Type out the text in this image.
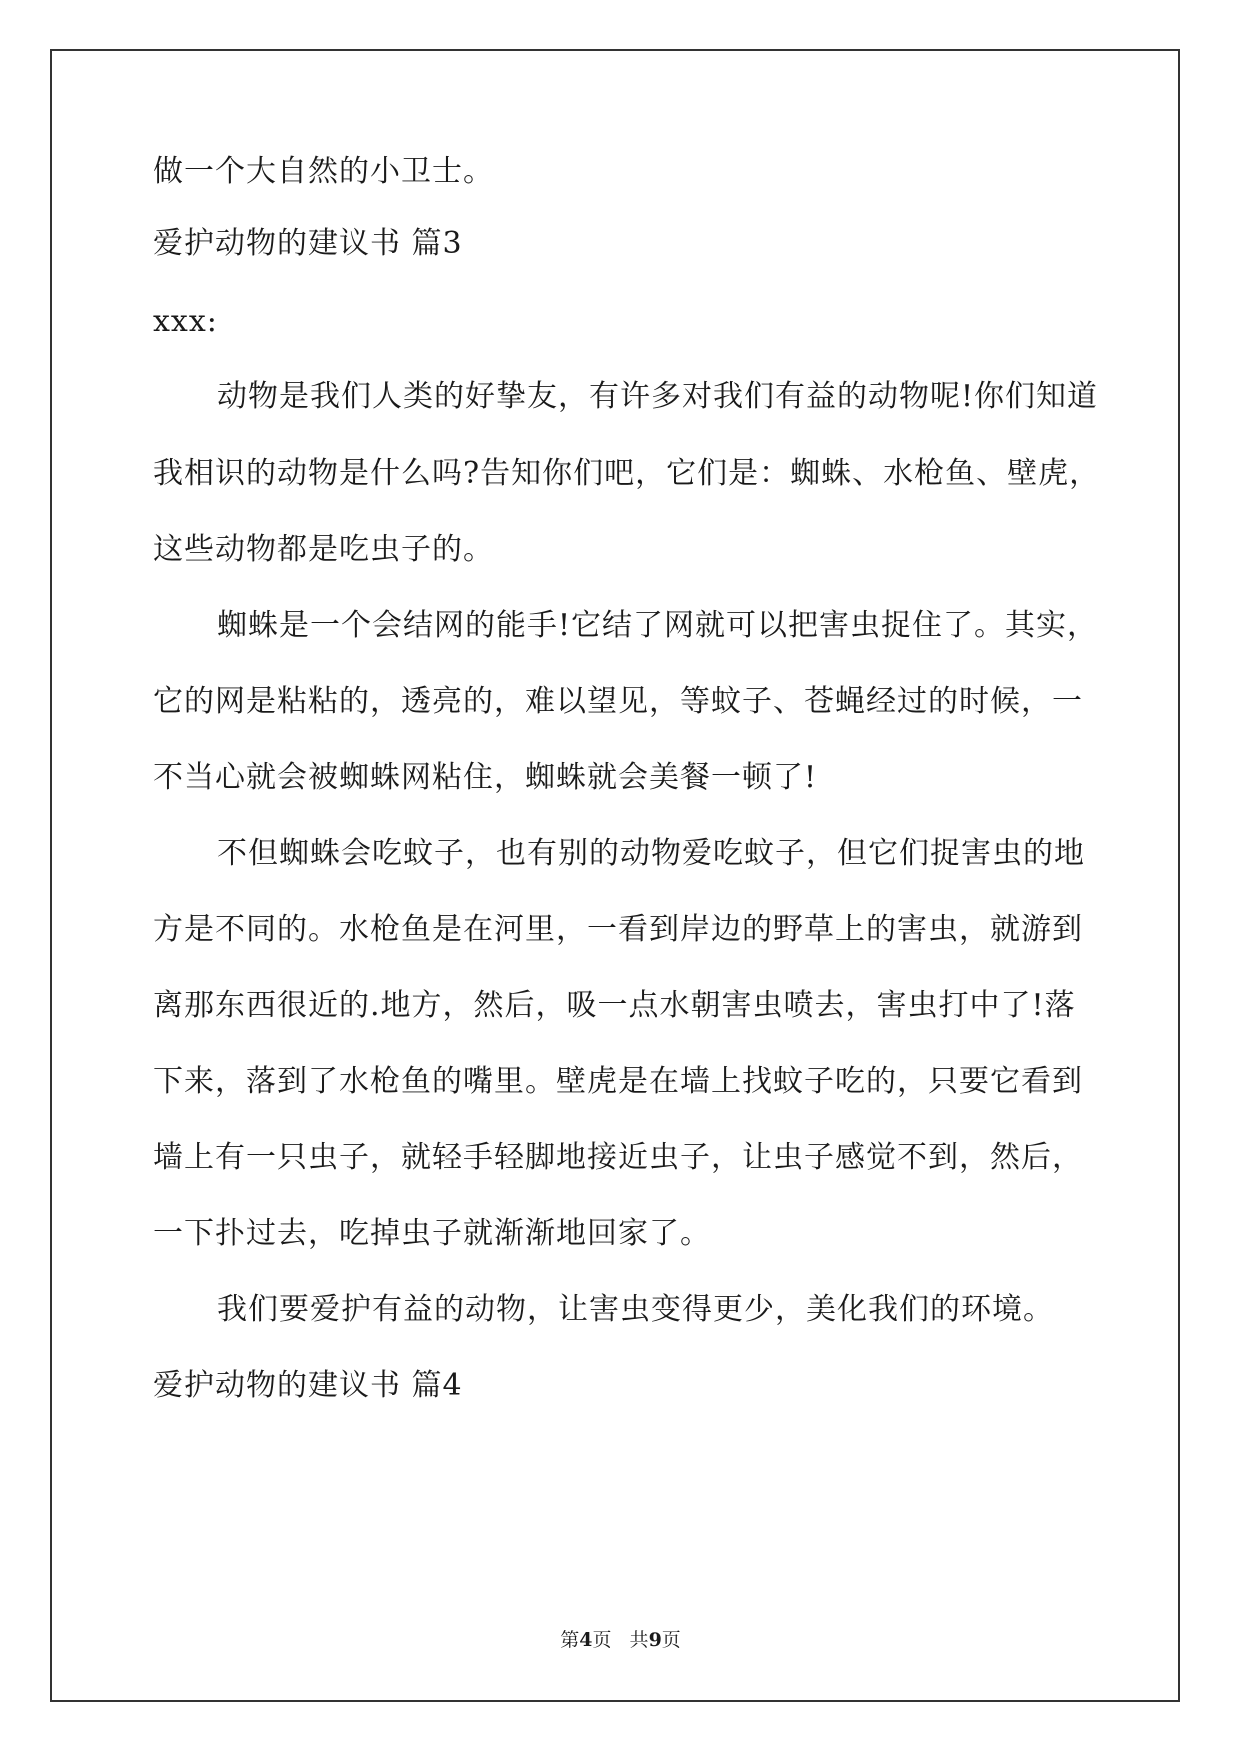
做一个大自然的小卫士。
爱护动物的建议书 篇3
xxx:
动物是我们人类的好挚友，有许多对我们有益的动物呢!你们知道
我相识的动物是什么吗?告知你们吧，它们是：蜘蛛、水枪鱼、壁虎，
这些动物都是吃虫子的。
蜘蛛是一个会结网的能手!它结了网就可以把害虫捉住了。其实，
它的网是粘粘的，透亮的，难以望见，等蚊子、苍蝇经过的时候，一
不当心就会被蜘蛛网粘住，蜘蛛就会美餐一顿了!
不但蜘蛛会吃蚊子，也有别的动物爱吃蚊子，但它们捉害虫的地
方是不同的。水枪鱼是在河里，一看到岸边的野草上的害虫，就游到
离那东西很近的.地方，然后，吸一点水朝害虫喷去，害虫打中了!落
下来，落到了水枪鱼的嘴里。壁虎是在墙上找蚊子吃的，只要它看到
墙上有一只虫子，就轻手轻脚地接近虫子，让虫子感觉不到，然后，
一下扑过去，吃掉虫子就渐渐地回家了。
我们要爱护有益的动物，让害虫变得更少，美化我们的环境。
爱护动物的建议书 篇4
第4页   共9页
